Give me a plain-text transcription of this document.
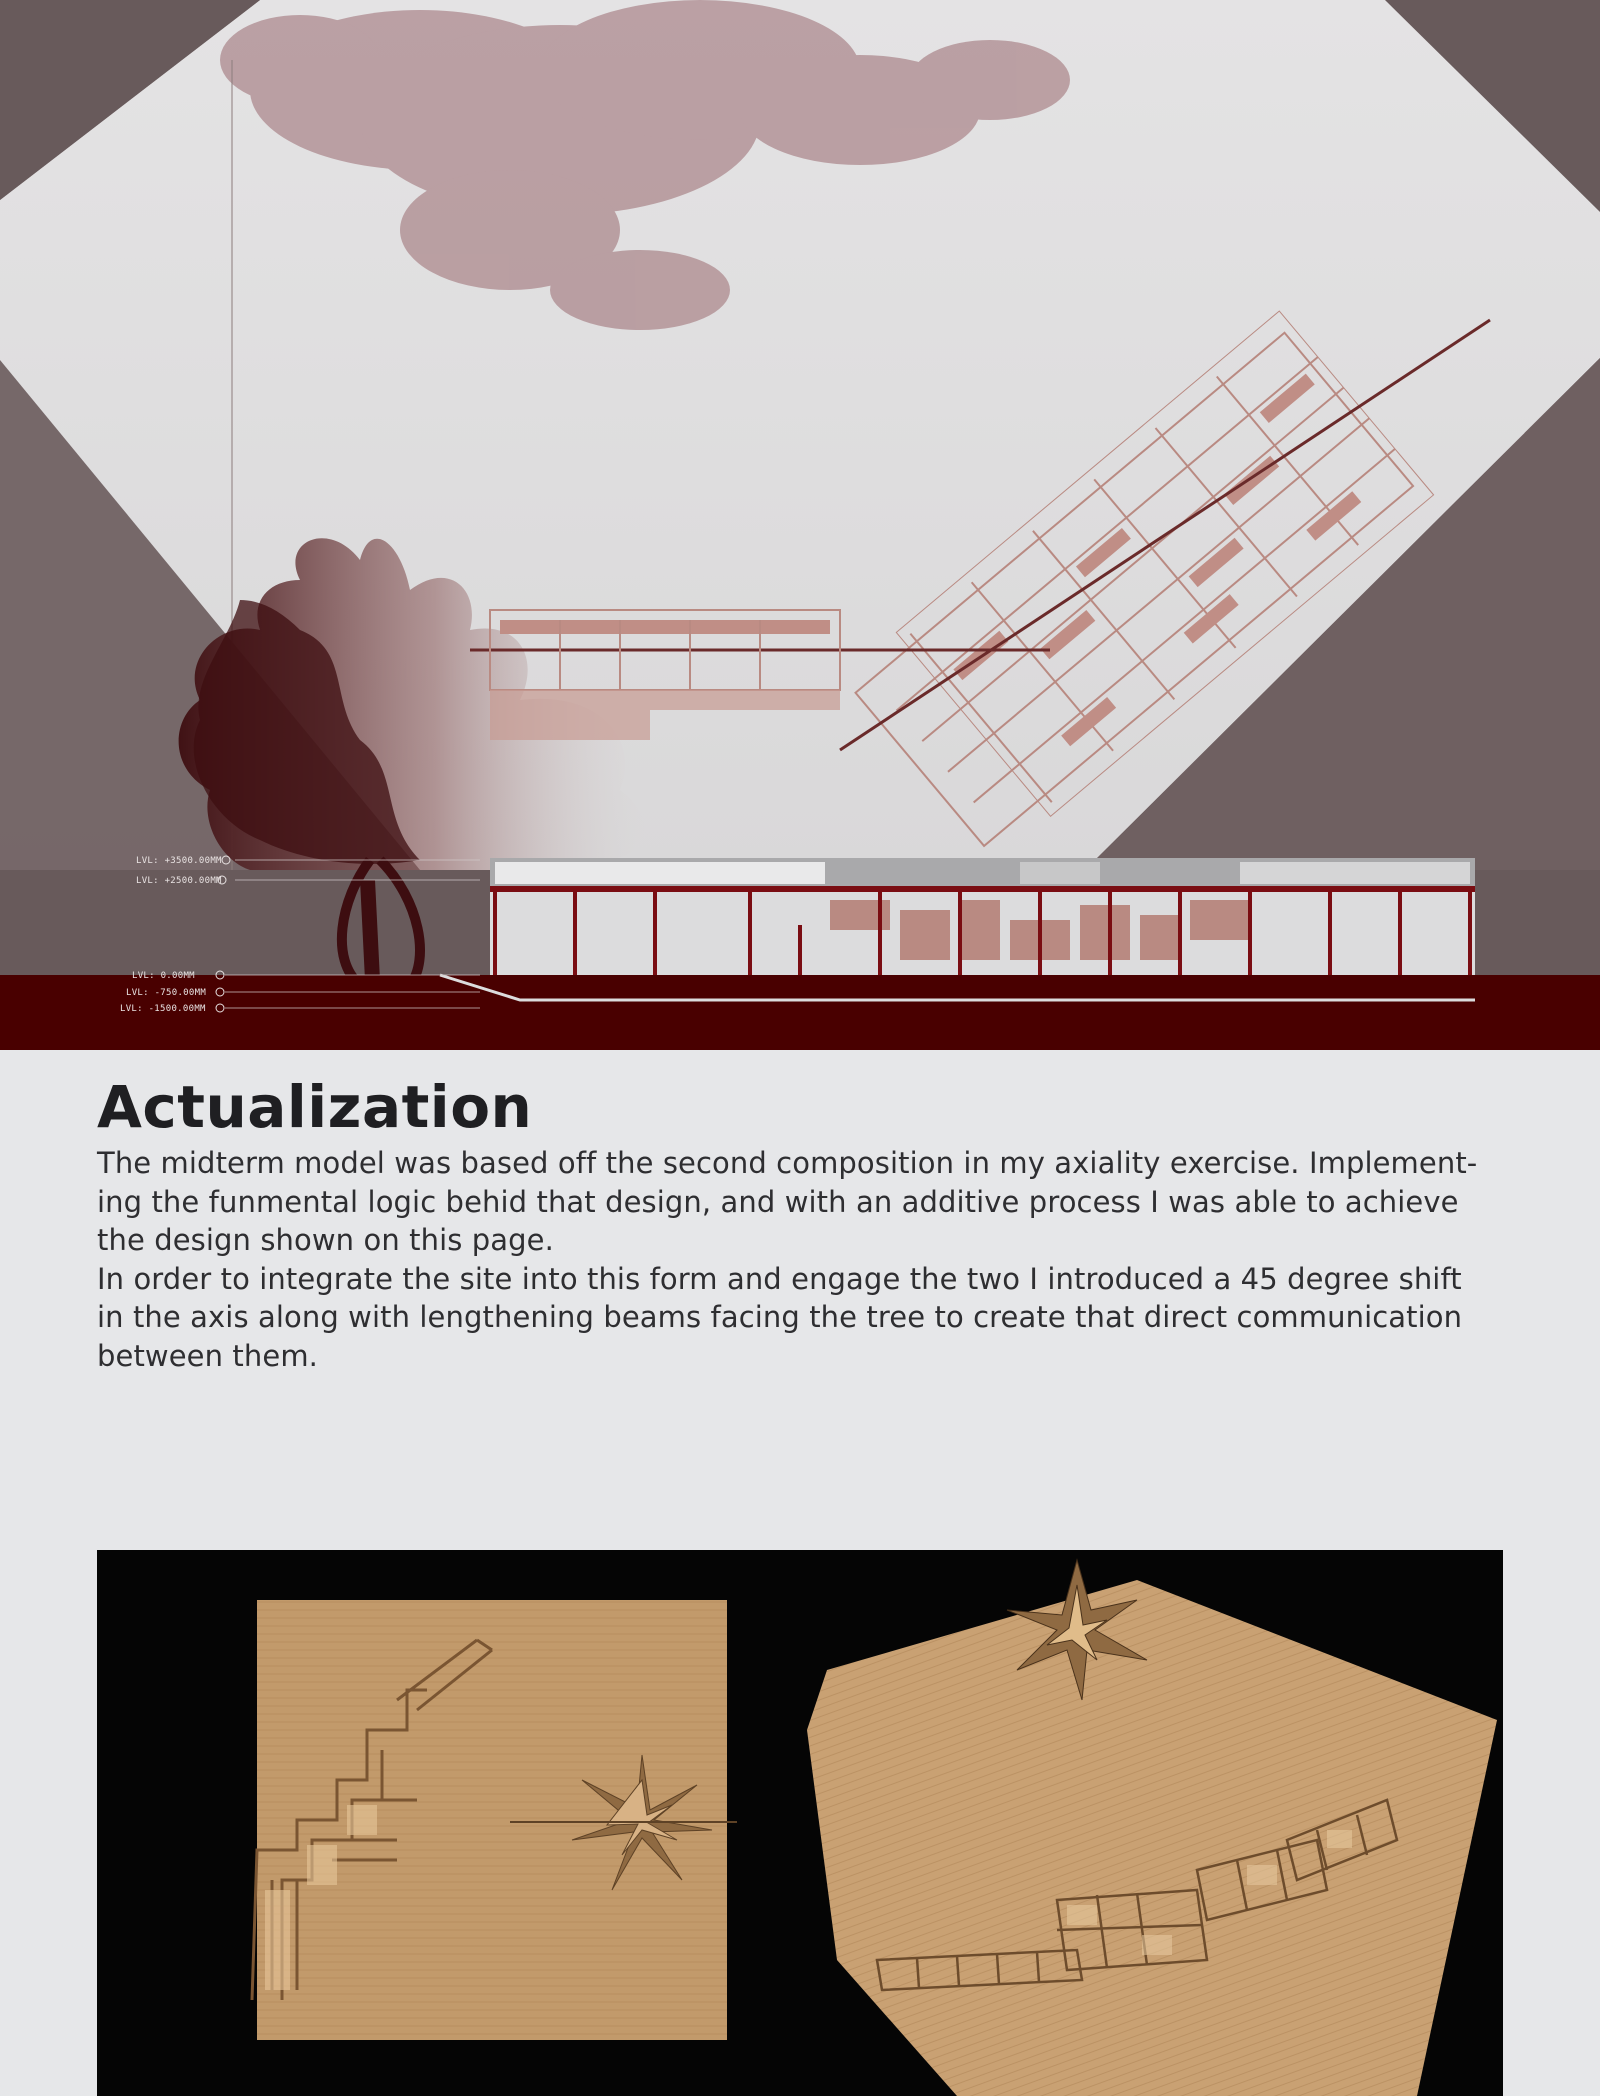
LVL: +3500.00MM
LVL: +2500.00MM
LVL: 0.00MM
LVL: -750.00MM
LVL: -1500.00MM
Actualization

The midterm model was based off the second composition in my axiality exercise. Implement-
ing the funmental logic behid that design, and with an additive process I was able to achieve
the design shown on this page.

In order to integrate the site into this form and engage the two I introduced a 45 degree shift
in the axis along with lengthening beams facing the tree to create that direct communication
between them.
